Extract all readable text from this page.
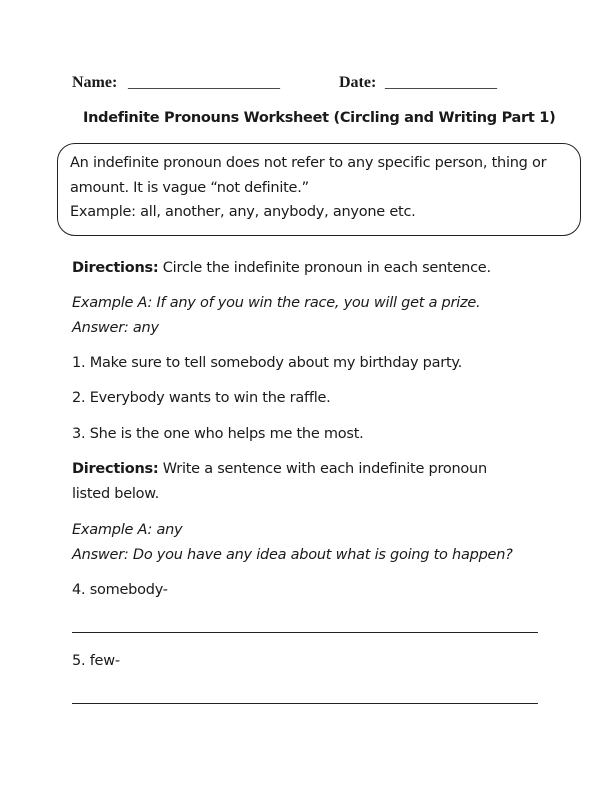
Name: ___________________	Date: ______________
Indefinite Pronouns Worksheet (Circling and Writing Part 1)
An indefinite pronoun does not refer to any specific person, thing or
amount. It is vague “not definite.”
Example: all, another, any, anybody, anyone etc.
Directions: Circle the indefinite pronoun in each sentence.
Example A: If any of you win the race, you will get a prize.
Answer: any
1. Make sure to tell somebody about my birthday party.
2. Everybody wants to win the raffle.
3. She is the one who helps me the most.
Directions: Write a sentence with each indefinite pronoun
listed below.
Example A: any
Answer: Do you have any idea about what is going to happen?
4. somebody-
5. few-
